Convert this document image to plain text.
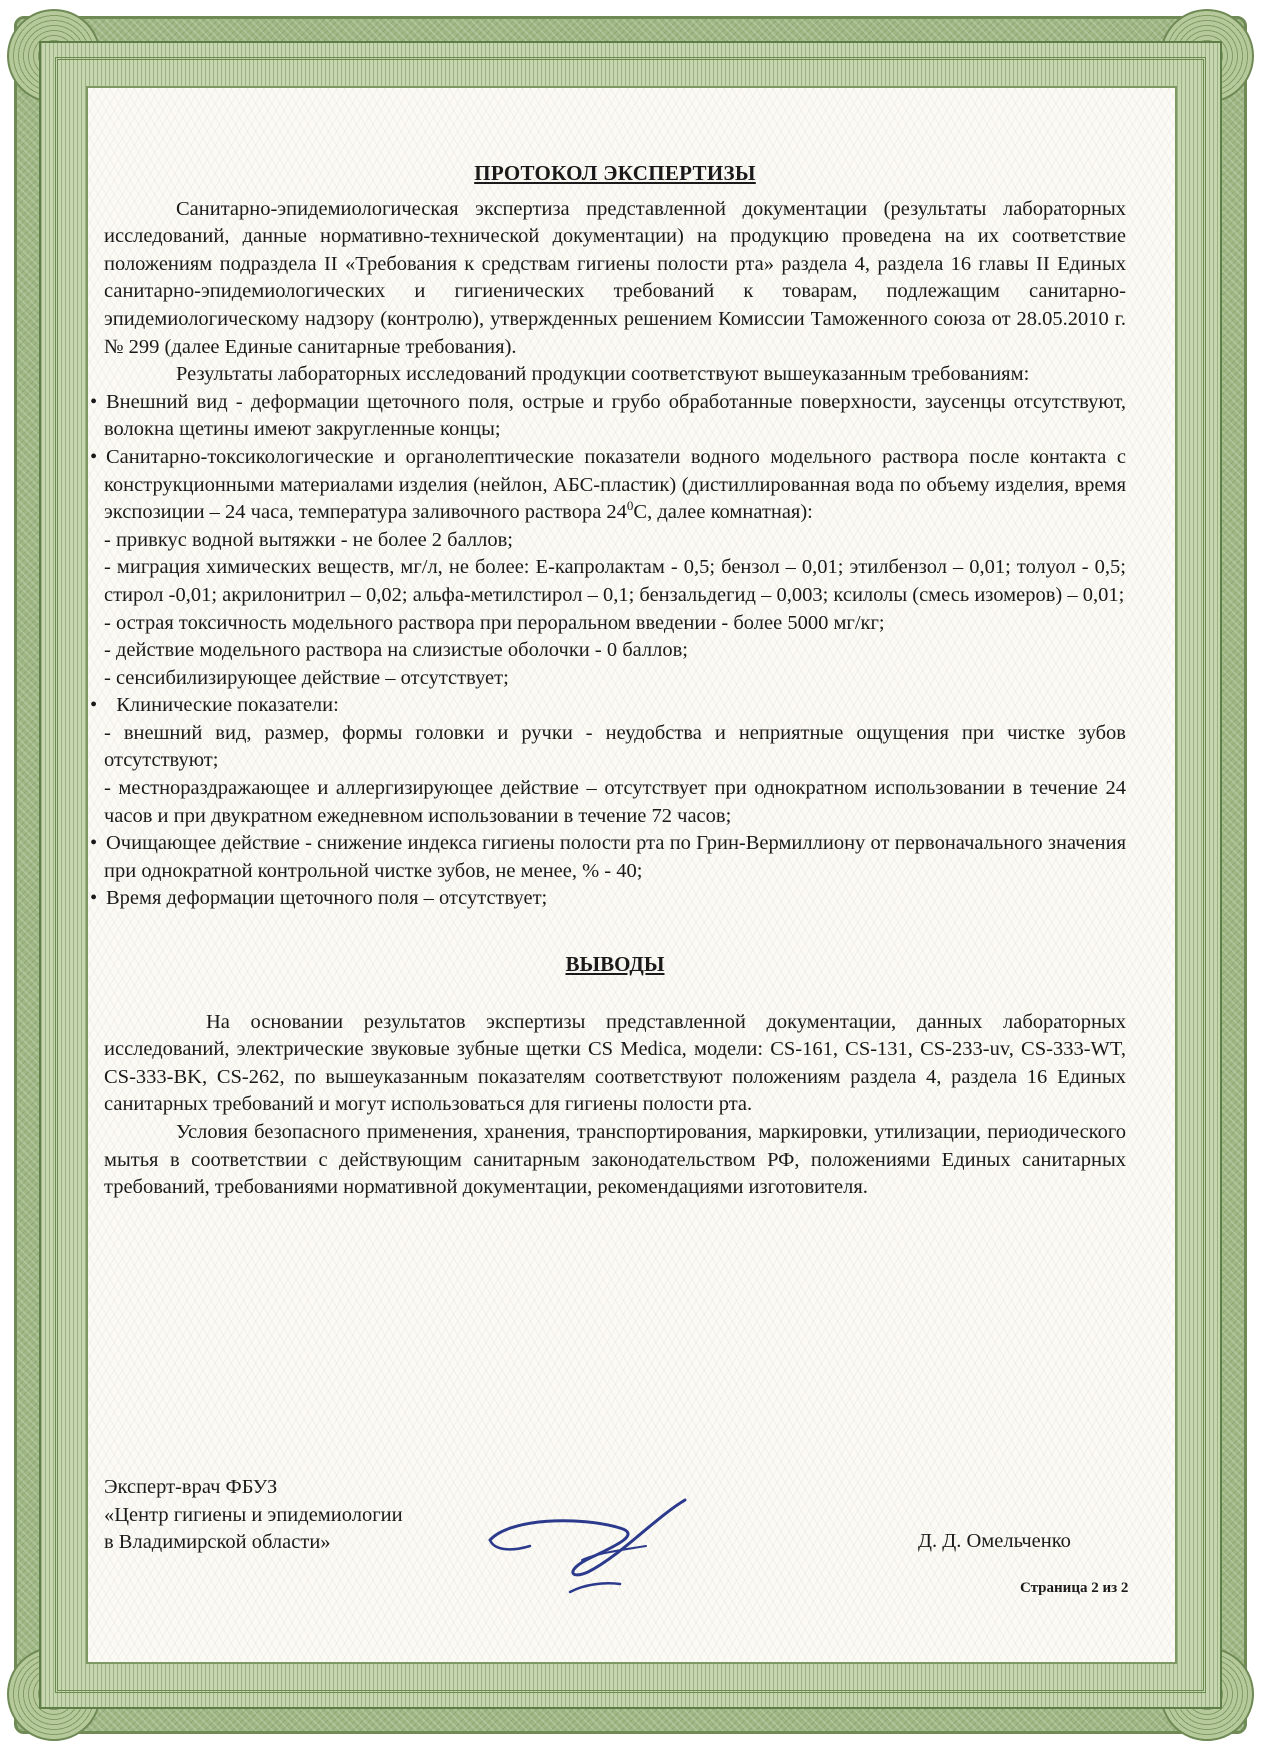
ПРОТОКОЛ ЭКСПЕРТИЗЫ

Санитарно-эпидемиологическая экспертиза представленной документации (результаты лабораторных исследований, данные нормативно-технической документации) на продукцию проведена на их соответствие положениям подраздела II «Требования к средствам гигиены полости рта» раздела 4, раздела 16 главы II Единых санитарно-эпидемиологических и гигиенических требований к товарам, подлежащим санитарно-эпидемиологическому надзору (контролю), утвержденных решением Комиссии Таможенного союза от 28.05.2010 г. № 299 (далее Единые санитарные требования).

Результаты лабораторных исследований продукции соответствуют вышеуказанным требованиям:

• Внешний вид - деформации щеточного поля, острые и грубо обработанные поверхности, заусенцы отсутствуют, волокна щетины имеют закругленные концы;

• Санитарно-токсикологические и органолептические показатели водного модельного раствора после контакта с конструкционными материалами изделия (нейлон, АБС-пластик) (дистиллированная вода по объему изделия, время экспозиции – 24 часа, температура заливочного раствора $24^0С$, далее комнатная):

- привкус водной вытяжки - не более 2 баллов;

- миграция химических веществ, мг/л, не более: Е-капролактам - 0,5; бензол – 0,01; этилбензол – 0,01; толуол - 0,5; стирол -0,01; акрилонитрил – 0,02; альфа-метилстирол – 0,1; бензальдегид – 0,003; ксилолы (смесь изомеров) – 0,01;

- острая токсичность модельного раствора при пероральном введении - более 5000 мг/кг;

- действие модельного раствора на слизистые оболочки - 0 баллов;

- сенсибилизирующее действие – отсутствует;

• Клинические показатели:

- внешний вид, размер, формы головки и ручки - неудобства и неприятные ощущения при чистке зубов отсутствуют;

- местнораздражающее и аллергизирующее действие – отсутствует при однократном использовании в течение 24 часов и при двукратном ежедневном использовании в течение 72 часов;

• Очищающее действие - снижение индекса гигиены полости рта по Грин-Вермиллиону от первоначального значения при однократной контрольной чистке зубов, не менее, % - 40;

• Время деформации щеточного поля – отсутствует;

ВЫВОДЫ

На основании результатов экспертизы представленной документации, данных лабораторных исследований, электрические звуковые зубные щетки CS Medica, модели: CS-161, CS-131, CS-233-uv, CS-333-WT, CS-333-BK, CS-262, по вышеуказанным показателям соответствуют положениям раздела 4, раздела 16 Единых санитарных требований и могут использоваться для гигиены полости рта.

Условия безопасного применения, хранения, транспортирования, маркировки, утилизации, периодического мытья в соответствии с действующим санитарным законодательством РФ, положениями Единых санитарных требований, требованиями нормативной документации, рекомендациями изготовителя.

Эксперт-врач ФБУЗ
«Центр гигиены и эпидемиологии
в Владимирской области»	Д. Д. Омельченко
Страница 2 из 2
